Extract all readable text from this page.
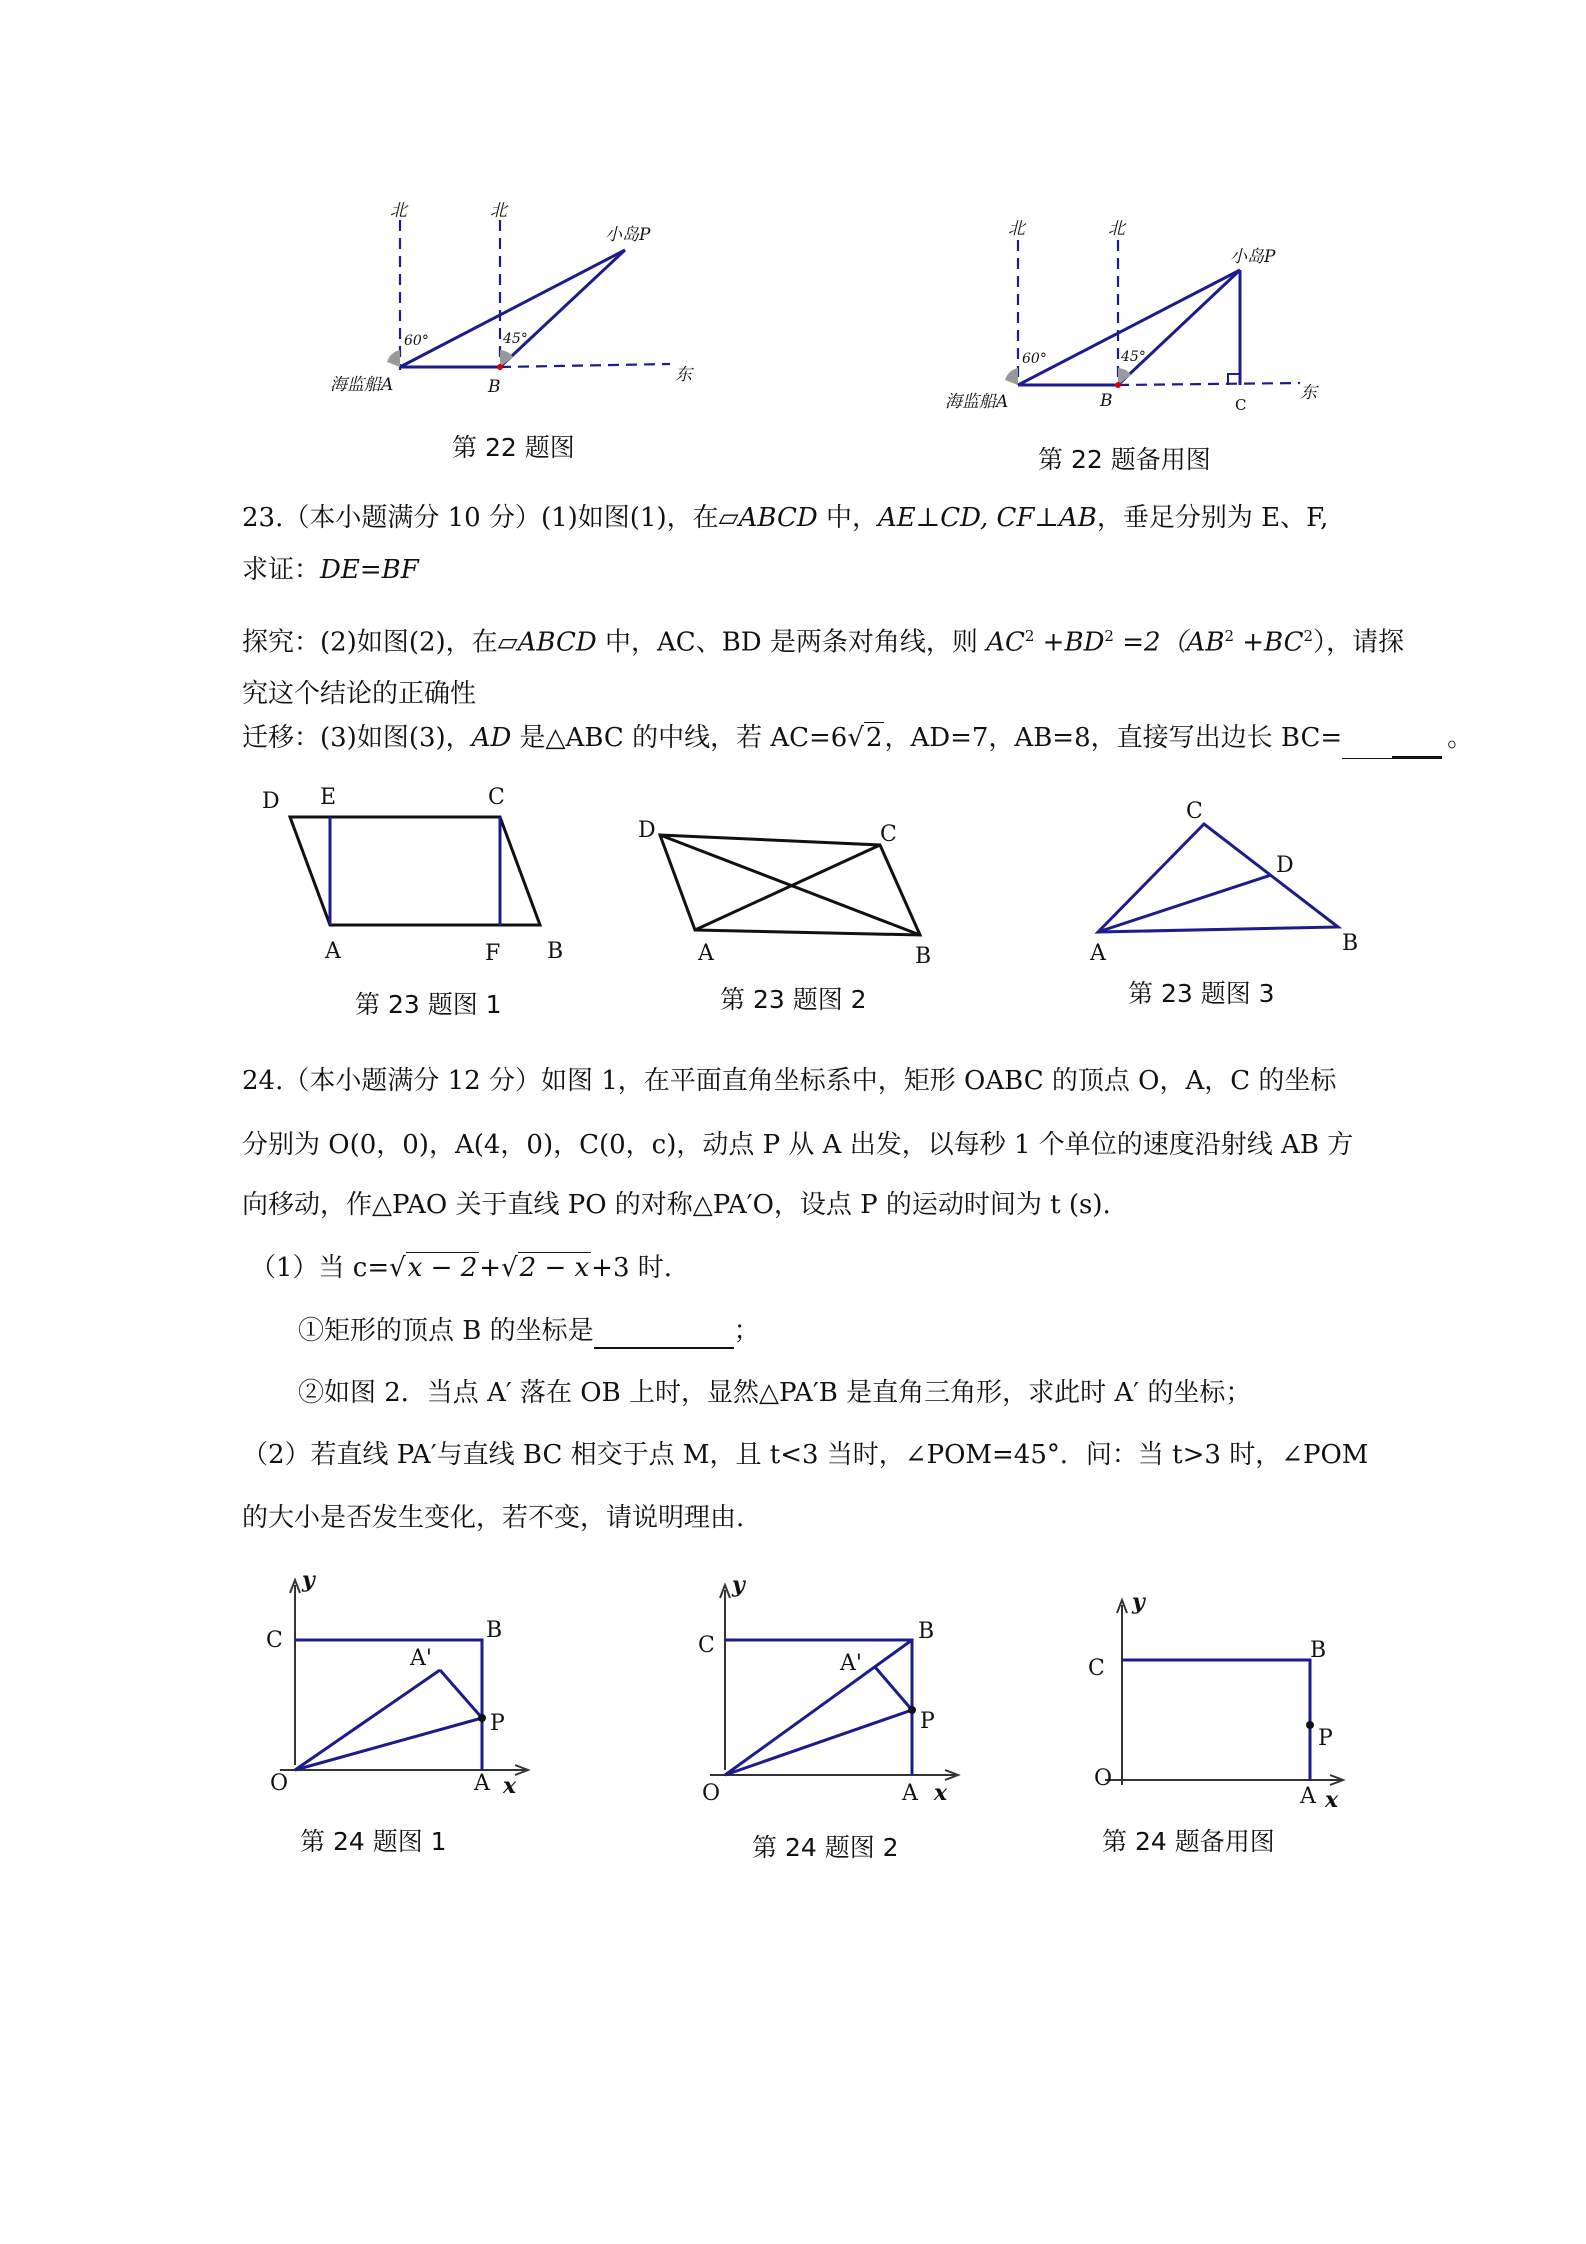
北	北
小岛P
60°	45°
海监船A	B
东
第 22 题图
北	北
小岛P
60°	45°
海监船A	B	C
东
第 22 题备用图
23.（本小题满分 10 分）(1)如图(1)，在▱ABCD 中，AE⊥CD, CF⊥AB，垂足分别为 E、F,
求证：DE=BF
探究：(2)如图(2)，在▱ABCD 中，AC、BD 是两条对角线，则 $AC^2 +BD^2 =2(AB^2 +BC^2)$，请探
究这个结论的正确性
迁移：(3)如图(3)，AD 是△ABC 的中线，若 AC=6√2，AD=7，AB=8，直接写出边长 BC=	。
D E	C
A	F B
第 23 题图 1
D	C
A	B
第 23 题图 2
C
D
A	B
第 23 题图 3
24.（本小题满分 12 分）如图 1，在平面直角坐标系中，矩形 OABC 的顶点 O，A，C 的坐标
分别为 O(0，0)，A(4，0)，C(0，c)，动点 P 从 A 出发，以每秒 1 个单位的速度沿射线 AB 方
向移动，作△PAO 关于直线 PO 的对称△PA′O，设点 P 的运动时间为 t (s).
（1）当 c=√x − 2+√2 − x+3 时.
①矩形的顶点 B 的坐标是	；
②如图 2．当点 A′ 落在 OB 上时，显然△PA′B 是直角三角形，求此时 A′ 的坐标；
（2）若直线 PA′与直线 BC 相交于点 M，且 t<3 当时，∠POM=45°．问：当 t>3 时，∠POM
的大小是否发生变化，若不变，请说明理由.
y
C	B
A'
P
O	A x
第 24 题图 1
y
C
B
A'
P
O	A x
第 24 题图 2
y
C
B
P
O
A x
第 24 题备用图
